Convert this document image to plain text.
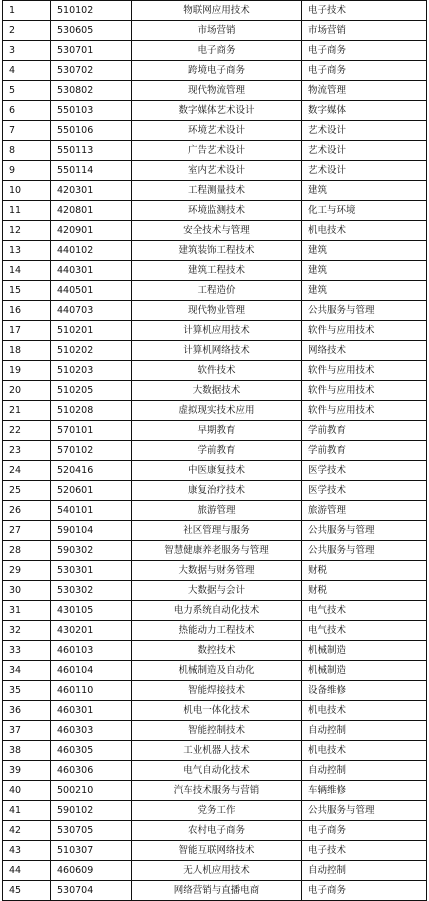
1	510102	物联网应用技术	电子技术
2	530605	市场营销	市场营销
3	530701	电子商务	电子商务
4	530702	跨境电子商务	电子商务
5	530802	现代物流管理	物流管理
6	550103	数字媒体艺术设计	数字媒体
7	550106	环境艺术设计	艺术设计
8	550113	广告艺术设计	艺术设计
9	550114	室内艺术设计	艺术设计
10	420301	工程测量技术	建筑
11	420801	环境监测技术	化工与环境
12	420901	安全技术与管理	机电技术
13	440102	建筑装饰工程技术	建筑
14	440301	建筑工程技术	建筑
15	440501	工程造价	建筑
16	440703	现代物业管理	公共服务与管理
17	510201	计算机应用技术	软件与应用技术
18	510202	计算机网络技术	网络技术
19	510203	软件技术	软件与应用技术
20	510205	大数据技术	软件与应用技术
21	510208	虚拟现实技术应用	软件与应用技术
22	570101	早期教育	学前教育
23	570102	学前教育	学前教育
24	520416	中医康复技术	医学技术
25	520601	康复治疗技术	医学技术
26	540101	旅游管理	旅游管理
27	590104	社区管理与服务	公共服务与管理
28	590302	智慧健康养老服务与管理	公共服务与管理
29	530301	大数据与财务管理	财税
30	530302	大数据与会计	财税
31	430105	电力系统自动化技术	电气技术
32	430201	热能动力工程技术	电气技术
33	460103	数控技术	机械制造
34	460104	机械制造及自动化	机械制造
35	460110	智能焊接技术	设备维修
36	460301	机电一体化技术	机电技术
37	460303	智能控制技术	自动控制
38	460305	工业机器人技术	机电技术
39	460306	电气自动化技术	自动控制
40	500210	汽车技术服务与营销	车辆维修
41	590102	党务工作	公共服务与管理
42	530705	农村电子商务	电子商务
43	510307	智能互联网络技术	电子技术
44	460609	无人机应用技术	自动控制
45	530704	网络营销与直播电商	电子商务
